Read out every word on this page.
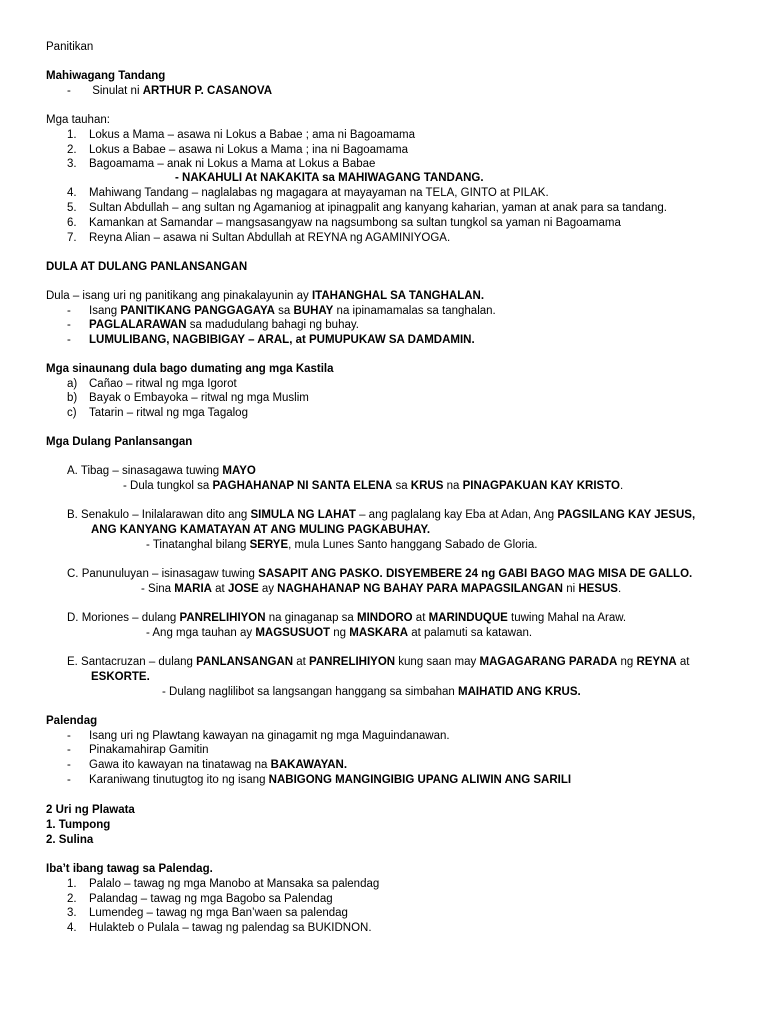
Panitikan
Mahiwagang Tandang
- Sinulat ni ARTHUR P. CASANOVA
Mga tauhan:
1. Lokus a Mama – asawa ni Lokus a Babae ; ama ni Bagoamama
2. Lokus a Babae – asawa ni Lokus a Mama ; ina ni Bagoamama
3. Bagoamama – anak ni Lokus a Mama at Lokus a Babae
- NAKAHULI At NAKAKITA sa MAHIWAGANG TANDANG.
4. Mahiwang Tandang – naglalabas ng magagara at mayayaman na TELA, GINTO at PILAK.
5. Sultan Abdullah – ang sultan ng Agamaniog at ipinagpalit ang kanyang kaharian, yaman at anak para sa tandang.
6. Kamankan at Samandar – mangsasangyaw na nagsumbong sa sultan tungkol sa yaman ni Bagoamama
7. Reyna Alian – asawa ni Sultan Abdullah at REYNA ng AGAMINIYOGA.
DULA AT DULANG PANLANSANGAN
Dula – isang uri ng panitikang ang pinakalayunin ay ITAHANGHAL SA TANGHALAN.
- Isang PANITIKANG PANGGAGAYA sa BUHAY na ipinamamalas sa tanghalan.
- PAGLALARAWAN sa madudulang bahagi ng buhay.
- LUMULIBANG, NAGBIBIGAY – ARAL, at PUMUPUKAW SA DAMDAMIN.
Mga sinaunang dula bago dumating ang mga Kastila
a) Cañao – ritwal ng mga Igorot
b) Bayak o Embayoka – ritwal ng mga Muslim
c) Tatarin – ritwal ng mga Tagalog
Mga Dulang Panlansangan
A. Tibag – sinasagawa tuwing MAYO
- Dula tungkol sa PAGHAHANAP NI SANTA ELENA sa KRUS na PINAGPAKUAN KAY KRISTO.
B. Senakulo – Inilalarawan dito ang SIMULA NG LAHAT – ang paglalang kay Eba at Adan, Ang PAGSILANG KAY JESUS,
ANG KANYANG KAMATAYAN AT ANG MULING PAGKABUHAY.
- Tinatanghal bilang SERYE, mula Lunes Santo hanggang Sabado de Gloria.
C. Panunuluyan – isinasagaw tuwing SASAPIT ANG PASKO. DISYEMBERE 24 ng GABI BAGO MAG MISA DE GALLO.
- Sina MARIA at JOSE ay NAGHAHANAP NG BAHAY PARA MAPAGSILANGAN ni HESUS.
D. Moriones – dulang PANRELIHIYON na ginaganap sa MINDORO at MARINDUQUE tuwing Mahal na Araw.
- Ang mga tauhan ay MAGSUSUOT ng MASKARA at palamuti sa katawan.
E. Santacruzan – dulang PANLANSANGAN at PANRELIHIYON kung saan may MAGAGARANG PARADA ng REYNA at
ESKORTE.
- Dulang naglilibot sa langsangan hanggang sa simbahan MAIHATID ANG KRUS.
Palendag
- Isang uri ng Plawtang kawayan na ginagamit ng mga Maguindanawan.
- Pinakamahirap Gamitin
- Gawa ito kawayan na tinatawag na BAKAWAYAN.
- Karaniwang tinutugtog ito ng isang NABIGONG MANGINGIBIG UPANG ALIWIN ANG SARILI
2 Uri ng Plawata
1. Tumpong
2. Sulina
Iba’t ibang tawag sa Palendag.
1. Palalo – tawag ng mga Manobo at Mansaka sa palendag
2. Palandag – tawag ng mga Bagobo sa Palendag
3. Lumendeg – tawag ng mga Ban’waen sa palendag
4. Hulakteb o Pulala – tawag ng palendag sa BUKIDNON.
